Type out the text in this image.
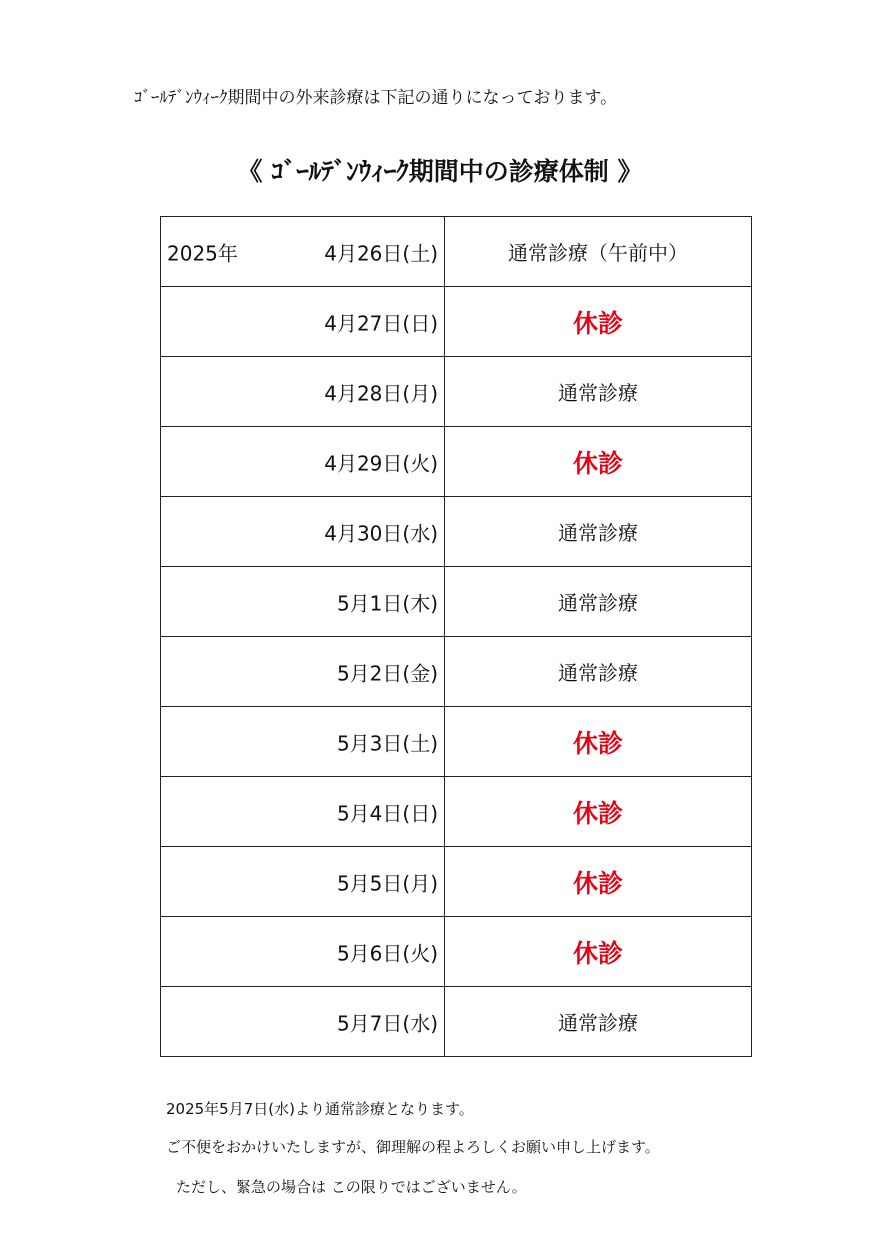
ｺﾞｰﾙﾃﾞﾝｳｨｰｸ期間中の外来診療は下記の通りになっております。
《 ｺﾞｰﾙﾃﾞﾝｳｨｰｸ期間中の診療体制 》
2025年 4月26日(土)	通常診療（午前中）

4月27日(日)	休診

4月28日(月)	通常診療

4月29日(火)	休診

4月30日(水)	通常診療

5月1日(木)	通常診療

5月2日(金)	通常診療

5月3日(土)	休診

5月4日(日)	休診

5月5日(月)	休診

5月6日(火)	休診

5月7日(水)	通常診療
2025年5月7日(水)より通常診療となります。
ご不便をおかけいたしますが、御理解の程よろしくお願い申し上げます。
ただし、緊急の場合は この限りではございません。
